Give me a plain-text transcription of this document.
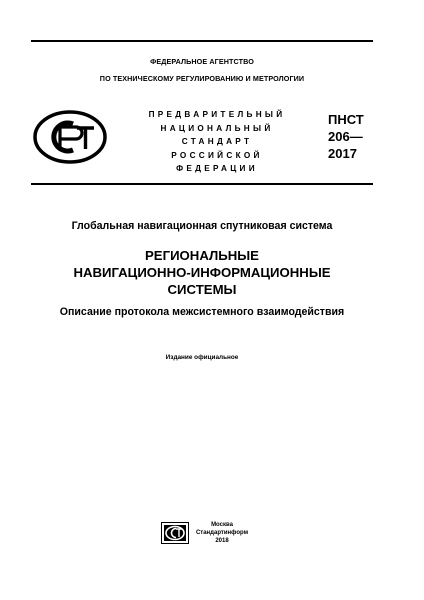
ФЕДЕРАЛЬНОЕ АГЕНТСТВО
ПО ТЕХНИЧЕСКОМУ РЕГУЛИРОВАНИЮ И МЕТРОЛОГИИ
ПРЕДВАРИТЕЛЬНЫЙ
НАЦИОНАЛЬНЫЙ
СТАНДАРТ
РОССИЙСКОЙ
ФЕДЕРАЦИИ
ПНСТ
206—
2017
Глобальная навигационная спутниковая система
РЕГИОНАЛЬНЫЕ
НАВИГАЦИОННО-ИНФОРМАЦИОННЫЕ
СИСТЕМЫ
Описание протокола межсистемного взаимодействия
Издание официальное
Москва
Стандартинформ
2018
